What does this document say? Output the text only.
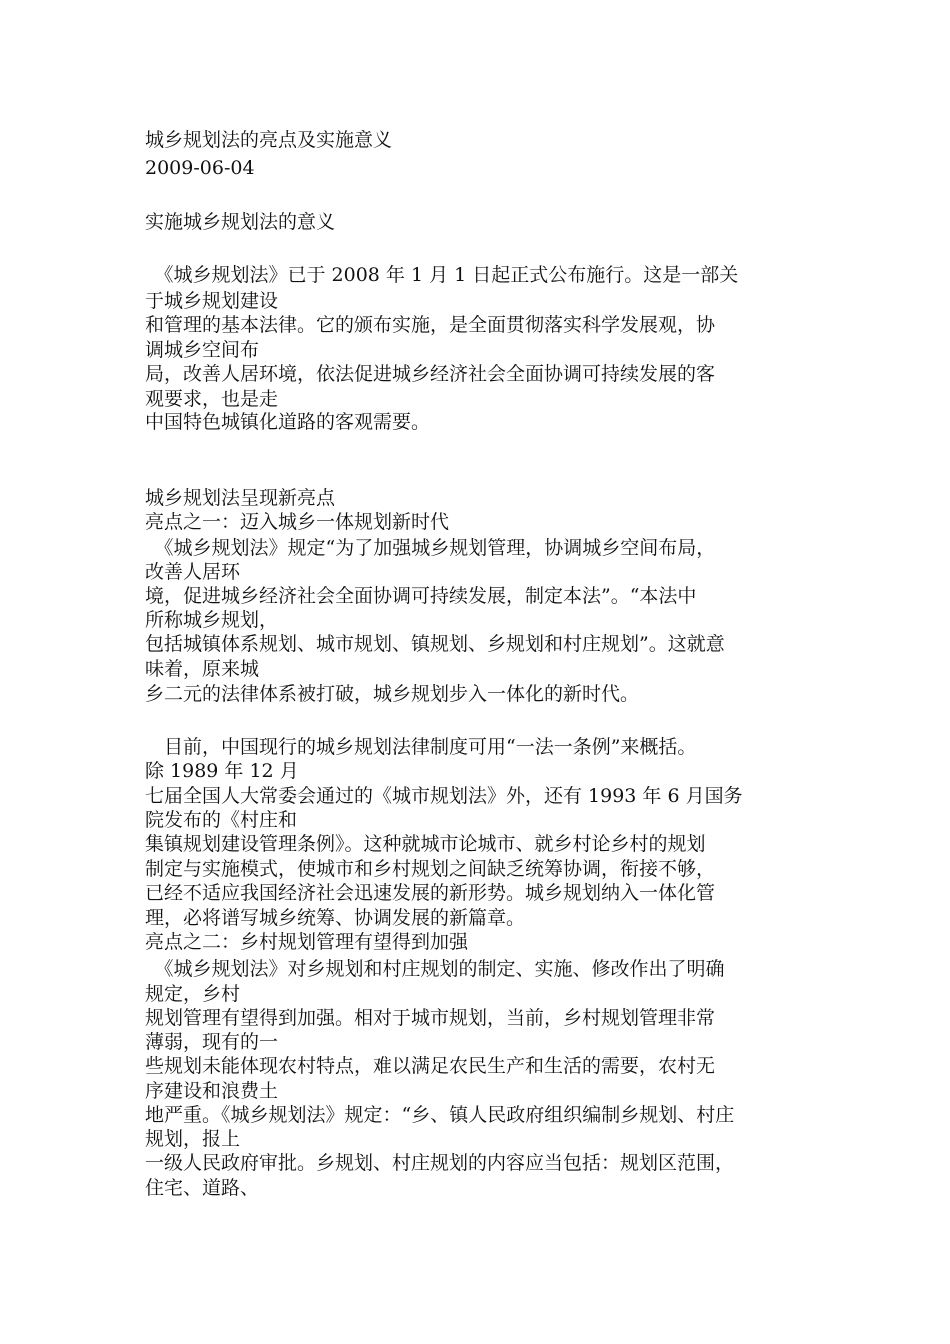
城乡规划法的亮点及实施意义
2009-06-04
实施城乡规划法的意义
　《城乡规划法》已于 2008 年 1 月 1 日起正式公布施行。这是一部关
于城乡规划建设
和管理的基本法律。它的颁布实施，是全面贯彻落实科学发展观，协
调城乡空间布
局，改善人居环境，依法促进城乡经济社会全面协调可持续发展的客
观要求，也是走
中国特色城镇化道路的客观需要。
城乡规划法呈现新亮点
亮点之一：迈入城乡一体规划新时代
　《城乡规划法》规定“为了加强城乡规划管理，协调城乡空间布局，
改善人居环
境，促进城乡经济社会全面协调可持续发展，制定本法”。“本法中
所称城乡规划，
包括城镇体系规划、城市规划、镇规划、乡规划和村庄规划”。这就意
味着，原来城
乡二元的法律体系被打破，城乡规划步入一体化的新时代。
　目前，中国现行的城乡规划法律制度可用“一法一条例”来概括。
除 1989 年 12 月
七届全国人大常委会通过的《城市规划法》外，还有 1993 年 6 月国务
院发布的《村庄和
集镇规划建设管理条例》。这种就城市论城市、就乡村论乡村的规划
制定与实施模式，使城市和乡村规划之间缺乏统筹协调，衔接不够，
已经不适应我国经济社会迅速发展的新形势。城乡规划纳入一体化管
理，必将谱写城乡统筹、协调发展的新篇章。
亮点之二：乡村规划管理有望得到加强
　《城乡规划法》对乡规划和村庄规划的制定、实施、修改作出了明确
规定，乡村
规划管理有望得到加强。相对于城市规划，当前，乡村规划管理非常
薄弱，现有的一
些规划未能体现农村特点，难以满足农民生产和生活的需要，农村无
序建设和浪费土
地严重。《城乡规划法》规定：“乡、镇人民政府组织编制乡规划、村庄
规划，报上
一级人民政府审批。乡规划、村庄规划的内容应当包括：规划区范围，
住宅、道路、
